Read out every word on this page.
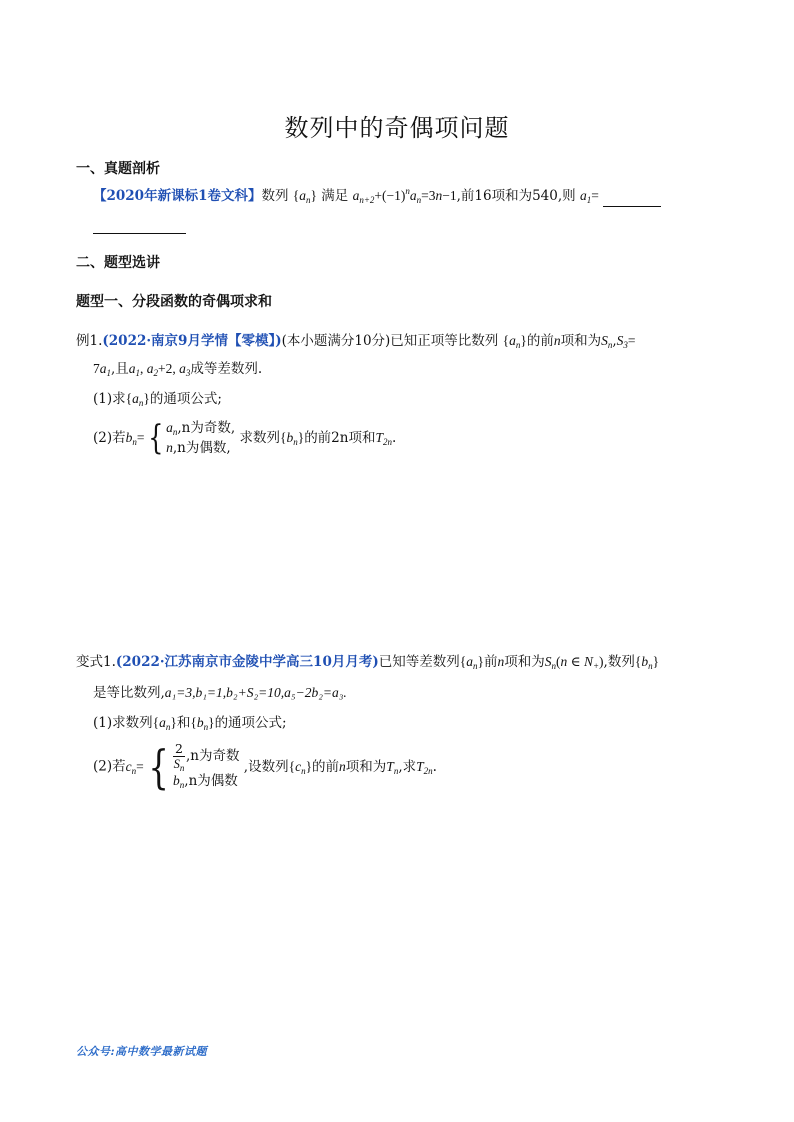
数列中的奇偶项问题
一、真题剖析
【2020年新课标1卷文科】数列 $\{a_n\}$ 满足 $a_{n+2}+(-1)^na_n=3n-1$,前16项和为540,则 $a_1=$
二、题型选讲
题型一、分段函数的奇偶项求和
例1.(2022·南京9月学情【零模】)(本小题满分10分)已知正项等比数列 $\{a_n\}$的前n项和为$S_n,S_3=$
$7a_1$,且$a_1$, $a_2+2$, $a_3$成等差数列.
(1)求$\{a_n\}$的通项公式;
(2)若$b_n=${ $a_n,n$为奇数,
n,n为偶数, 求数列$\{b_n\}$的前2n项和$T_{2n}$.
变式1.(2022·江苏南京市金陵中学高三10月月考)已知等差数列$\{a_n\}$前n项和为$S_n(n$ ∈ $N_+$),数列$\{b_n\}$
是等比数列,a₁=3,b₁=1,b₂+S₂=10,a₅−2b₂=a₃.
(1)求数列$\{a_n\}$和$\{b_n\}$的通项公式;
(2)若$c_n=\{ \frac{2}{S_n} ,n$为奇数
$b_n,n$为偶数 ,设数列$\{c_n\}$的前n项和为$T_n$,求$T_{2n}$.
公众号:高中数学最新试题
